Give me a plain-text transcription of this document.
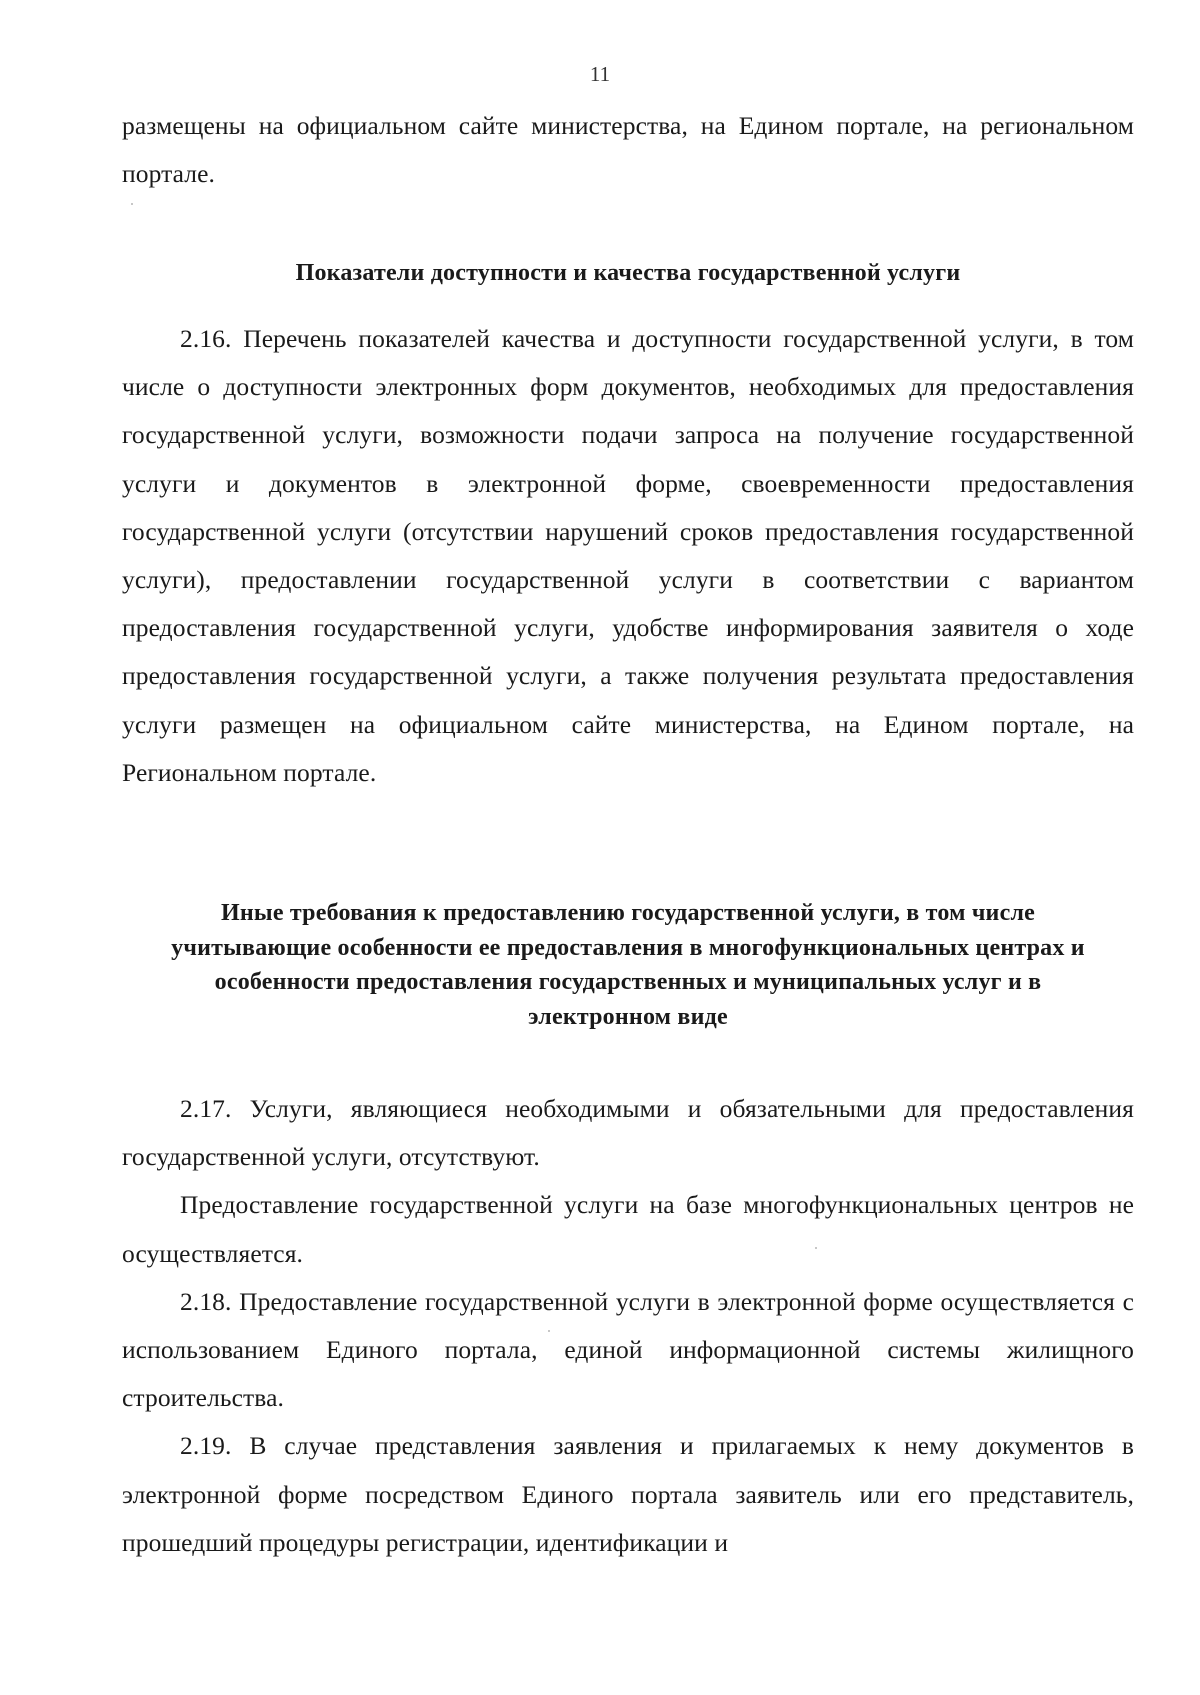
11

размещены на официальном сайте министерства, на Едином портале, на региональном портале.

Показатели доступности и качества государственной услуги

2.16. Перечень показателей качества и доступности государственной услуги, в том числе о доступности электронных форм документов, необходимых для предоставления государственной услуги, возможности подачи запроса на получение государственной услуги и документов в электронной форме, своевременности предоставления государственной услуги (отсутствии нарушений сроков предоставления государственной услуги), предоставлении государственной услуги в соответствии с вариантом предоставления государственной услуги, удобстве информирования заявителя о ходе предоставления государственной услуги, а также получения результата предоставления услуги размещен на официальном сайте министерства, на Едином портале, на Региональном портале.

Иные требования к предоставлению государственной услуги, в том числе учитывающие особенности ее предоставления в многофункциональных центрах и особенности предоставления государственных и муниципальных услуг и в электронном виде

2.17. Услуги, являющиеся необходимыми и обязательными для предоставления государственной услуги, отсутствуют.

Предоставление государственной услуги на базе многофункциональных центров не осуществляется.

2.18. Предоставление государственной услуги в электронной форме осуществляется с использованием Единого портала, единой информационной системы жилищного строительства.

2.19. В случае представления заявления и прилагаемых к нему документов в электронной форме посредством Единого портала заявитель или его представитель, прошедший процедуры регистрации, идентификации и
